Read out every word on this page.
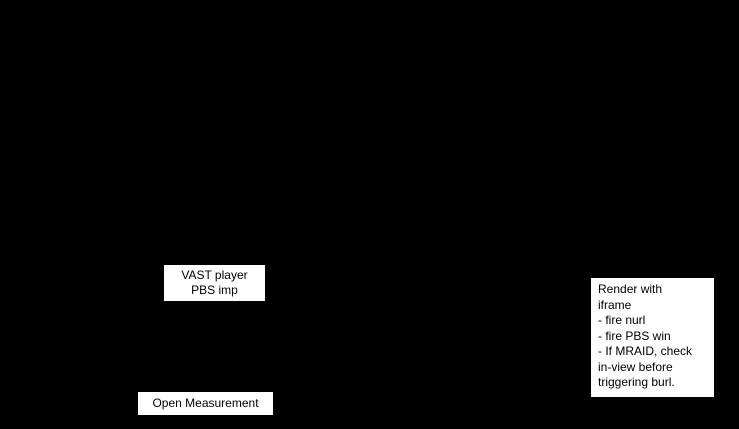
VAST player PBS imp
Open Measurement
Render with
iframe
- fire nurl
- fire PBS win
- If MRAID, check
in-view before
triggering burl.
